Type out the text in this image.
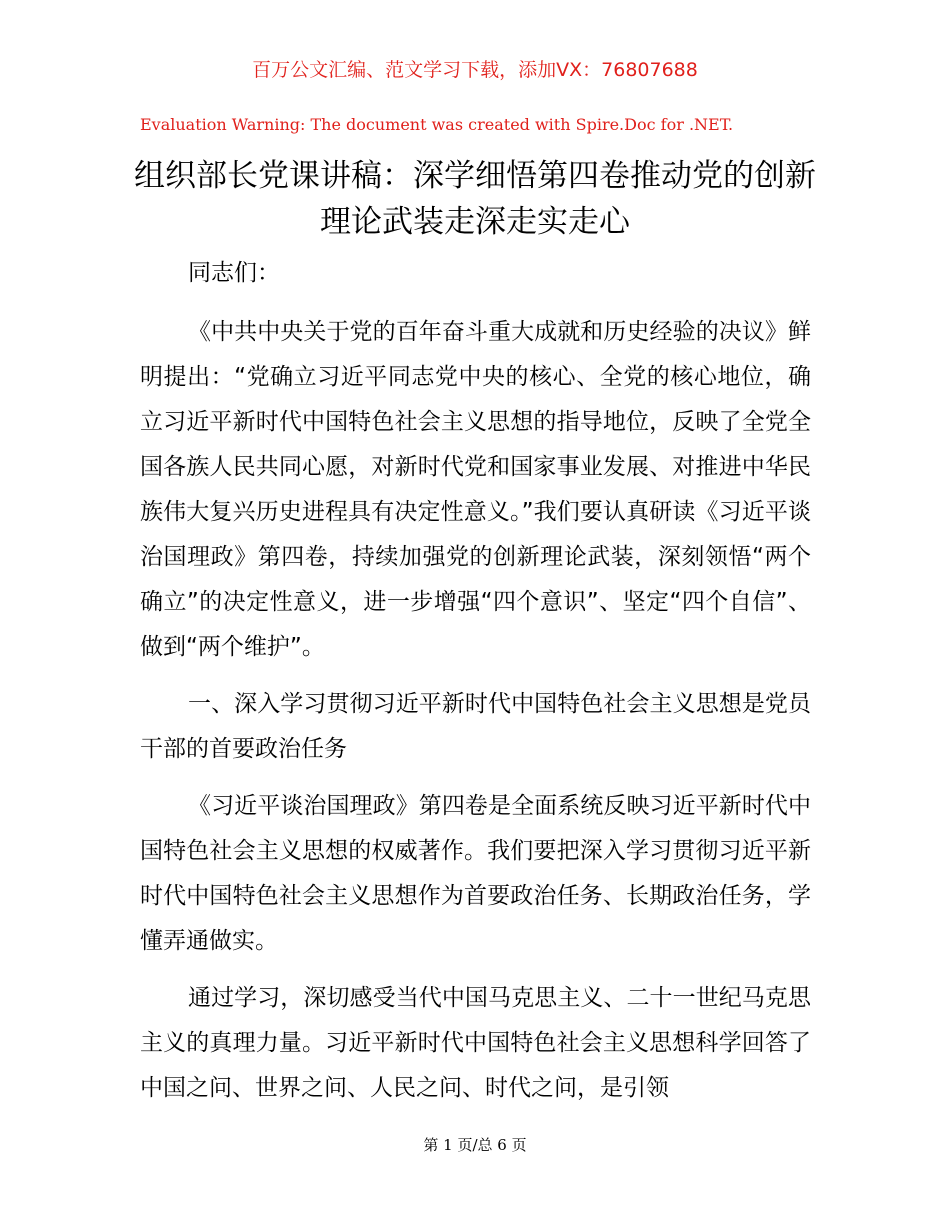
百万公文汇编、范文学习下载，添加VX：76807688
Evaluation Warning: The document was created with Spire.Doc for .NET.
组织部长党课讲稿：深学细悟第四卷推动党的创新理论武装走深走实走心

同志们：

《中共中央关于党的百年奋斗重大成就和历史经验的决议》鲜明提出：“党确立习近平同志党中央的核心、全党的核心地位，确立习近平新时代中国特色社会主义思想的指导地位，反映了全党全国各族人民共同心愿，对新时代党和国家事业发展、对推进中华民族伟大复兴历史进程具有决定性意义。”我们要认真研读《习近平谈治国理政》第四卷，持续加强党的创新理论武装，深刻领悟“两个确立”的决定性意义，进一步增强“四个意识”、坚定“四个自信”、做到“两个维护”。

一、深入学习贯彻习近平新时代中国特色社会主义思想是党员干部的首要政治任务

《习近平谈治国理政》第四卷是全面系统反映习近平新时代中国特色社会主义思想的权威著作。我们要把深入学习贯彻习近平新时代中国特色社会主义思想作为首要政治任务、长期政治任务，学懂弄通做实。

通过学习，深切感受当代中国马克思主义、二十一世纪马克思主义的真理力量。习近平新时代中国特色社会主义思想科学回答了中国之问、世界之问、人民之问、时代之问，是引领

第 1 页/总 6 页
